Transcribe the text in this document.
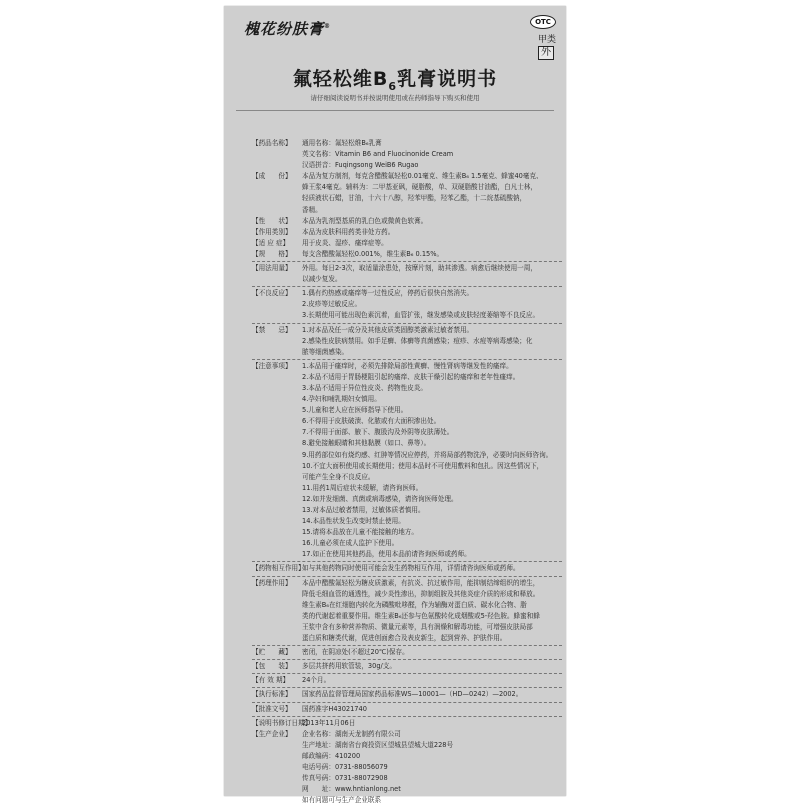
槐花纷肤膏®
OTC
甲类
外
氟轻松维$B_6$乳膏说明书
请仔细阅读说明书并按说明使用或在药师指导下购买和使用
【药品名称】	通用名称：氟轻松维B₆乳膏
英文名称：Vitamin B6 and Fluocinonide Cream
汉语拼音：Fuqingsong WeiB6 Rugao
【成　　份】	本品为复方制剂，每克含醋酸氟轻松0.01毫克、维生素B₆ 1.5毫克、蜂蜜40毫克、
蜂王浆4毫克。辅料为：二甲基亚砜，硬脂酸，单、双硬脂酸甘油酯，白凡士林，
轻质液状石蜡，甘油，十六十八醇，羟苯甲酯，羟苯乙酯，十二烷基硫酸钠，
香精。
【性　　状】	本品为乳剂型基质的乳白色或微黄色软膏。
【作用类别】	本品为皮肤科用药类非处方药。
【适 应 症】	用于皮炎、湿疹、瘙痒症等。
【规　　格】	每支含醋酸氟轻松0.001%，维生素B₆ 0.15%。
【用法用量】	外用。每日2-3次，取适量涂患处，按摩片刻，助其渗透。病愈后继续使用一周，
以减少复发。
【不良反应】	1.偶有灼热感或瘙痒等一过性反应，停药后很快自然消失。
2.皮疹等过敏反应。
3.长期使用可能出现色素沉着，血管扩张，继发感染或皮肤轻度萎缩等不良反应。
【禁　　忌】	1.对本品及任一成分及其他皮质类固醇类激素过敏者禁用。
2.感染性皮肤病禁用。如手足癣、体癣等真菌感染；痘疹、水痘等病毒感染；化
脓等细菌感染。
【注意事项】	1.本品用于瘙痒时，必须先排除局部性黄癣、慢性肾病等继发性的瘙痒。
2.本品不适用于胃肠梗阻引起的瘙痒、皮肤干燥引起的瘙痒和老年性瘙痒。
3.本品不适用于异位性皮炎、药物性皮炎。
4.孕妇和哺乳期妇女慎用。
5.儿童和老人应在医师指导下使用。
6.不得用于皮肤破溃、化脓或有大面积渗出处。
7.不得用于面部、腋下、腹股沟及外阴等皮肤薄处。
8.避免接触眼睛和其他黏膜（如口、鼻等）。
9.用药部位如有烧灼感、红肿等情况应停药，并将局部药物洗净，必要时向医师咨询。
10.不宜大面积使用或长期使用；使用本品时不可使用敷料和包扎。因这些情况下，
可能产生全身不良反应。
11.用药1周后症状未缓解，请咨询医师。
12.如并发细菌、真菌或病毒感染，请咨询医师处理。
13.对本品过敏者禁用，过敏体质者慎用。
14.本品性状发生改变时禁止使用。
15.请将本品放在儿童不能接触的地方。
16.儿童必须在成人监护下使用。
17.如正在使用其他药品，使用本品前请咨询医师或药师。
【药物相互作用】
如与其他药物同时使用可能会发生药物相互作用，详情请咨询医师或药师。
【药理作用】	本品中醋酸氟轻松为糖皮质激素，有抗炎、抗过敏作用，能抑制结缔组织的增生，
降低毛细血管的通透性，减少炎性渗出，抑制组胺及其他炎症介质的形成和释放。
维生素B₆在红细胞内转化为磷酸吡哆醛，作为辅酶对蛋白质、碳水化合物、脂
类的代谢起着重要作用。维生素B₆还参与色氨酸转化成烟酸或5-羟色胺。蜂蜜和蜂
王浆中含有多种营养物质、微量元素等，具有润燥和解毒功能，可增强皮肤局部
蛋白质和糖类代谢，促进创面愈合及表皮新生，起到营养、护肤作用。
【贮　　藏】	密闭，在阴凉处(不超过20℃)保存。
【包　　装】	多层共挤药用软管装，30g/支。
【有 效 期】	24个月。
【执行标准】	国家药品监督管理局国家药品标准WS—10001—（HD—0242）—2002。
【批准文号】	国药准字H43021740
【说明书修订日期】
2013年11月06日
【生产企业】	企业名称：湖南天龙制药有限公司
生产地址：湖南省台商投资区望城县望城大道228号
邮政编码：410200
电话号码：0731-88056079
传真号码：0731-88072908
网　　址：www.hntianlong.net
如有问题可与生产企业联系
